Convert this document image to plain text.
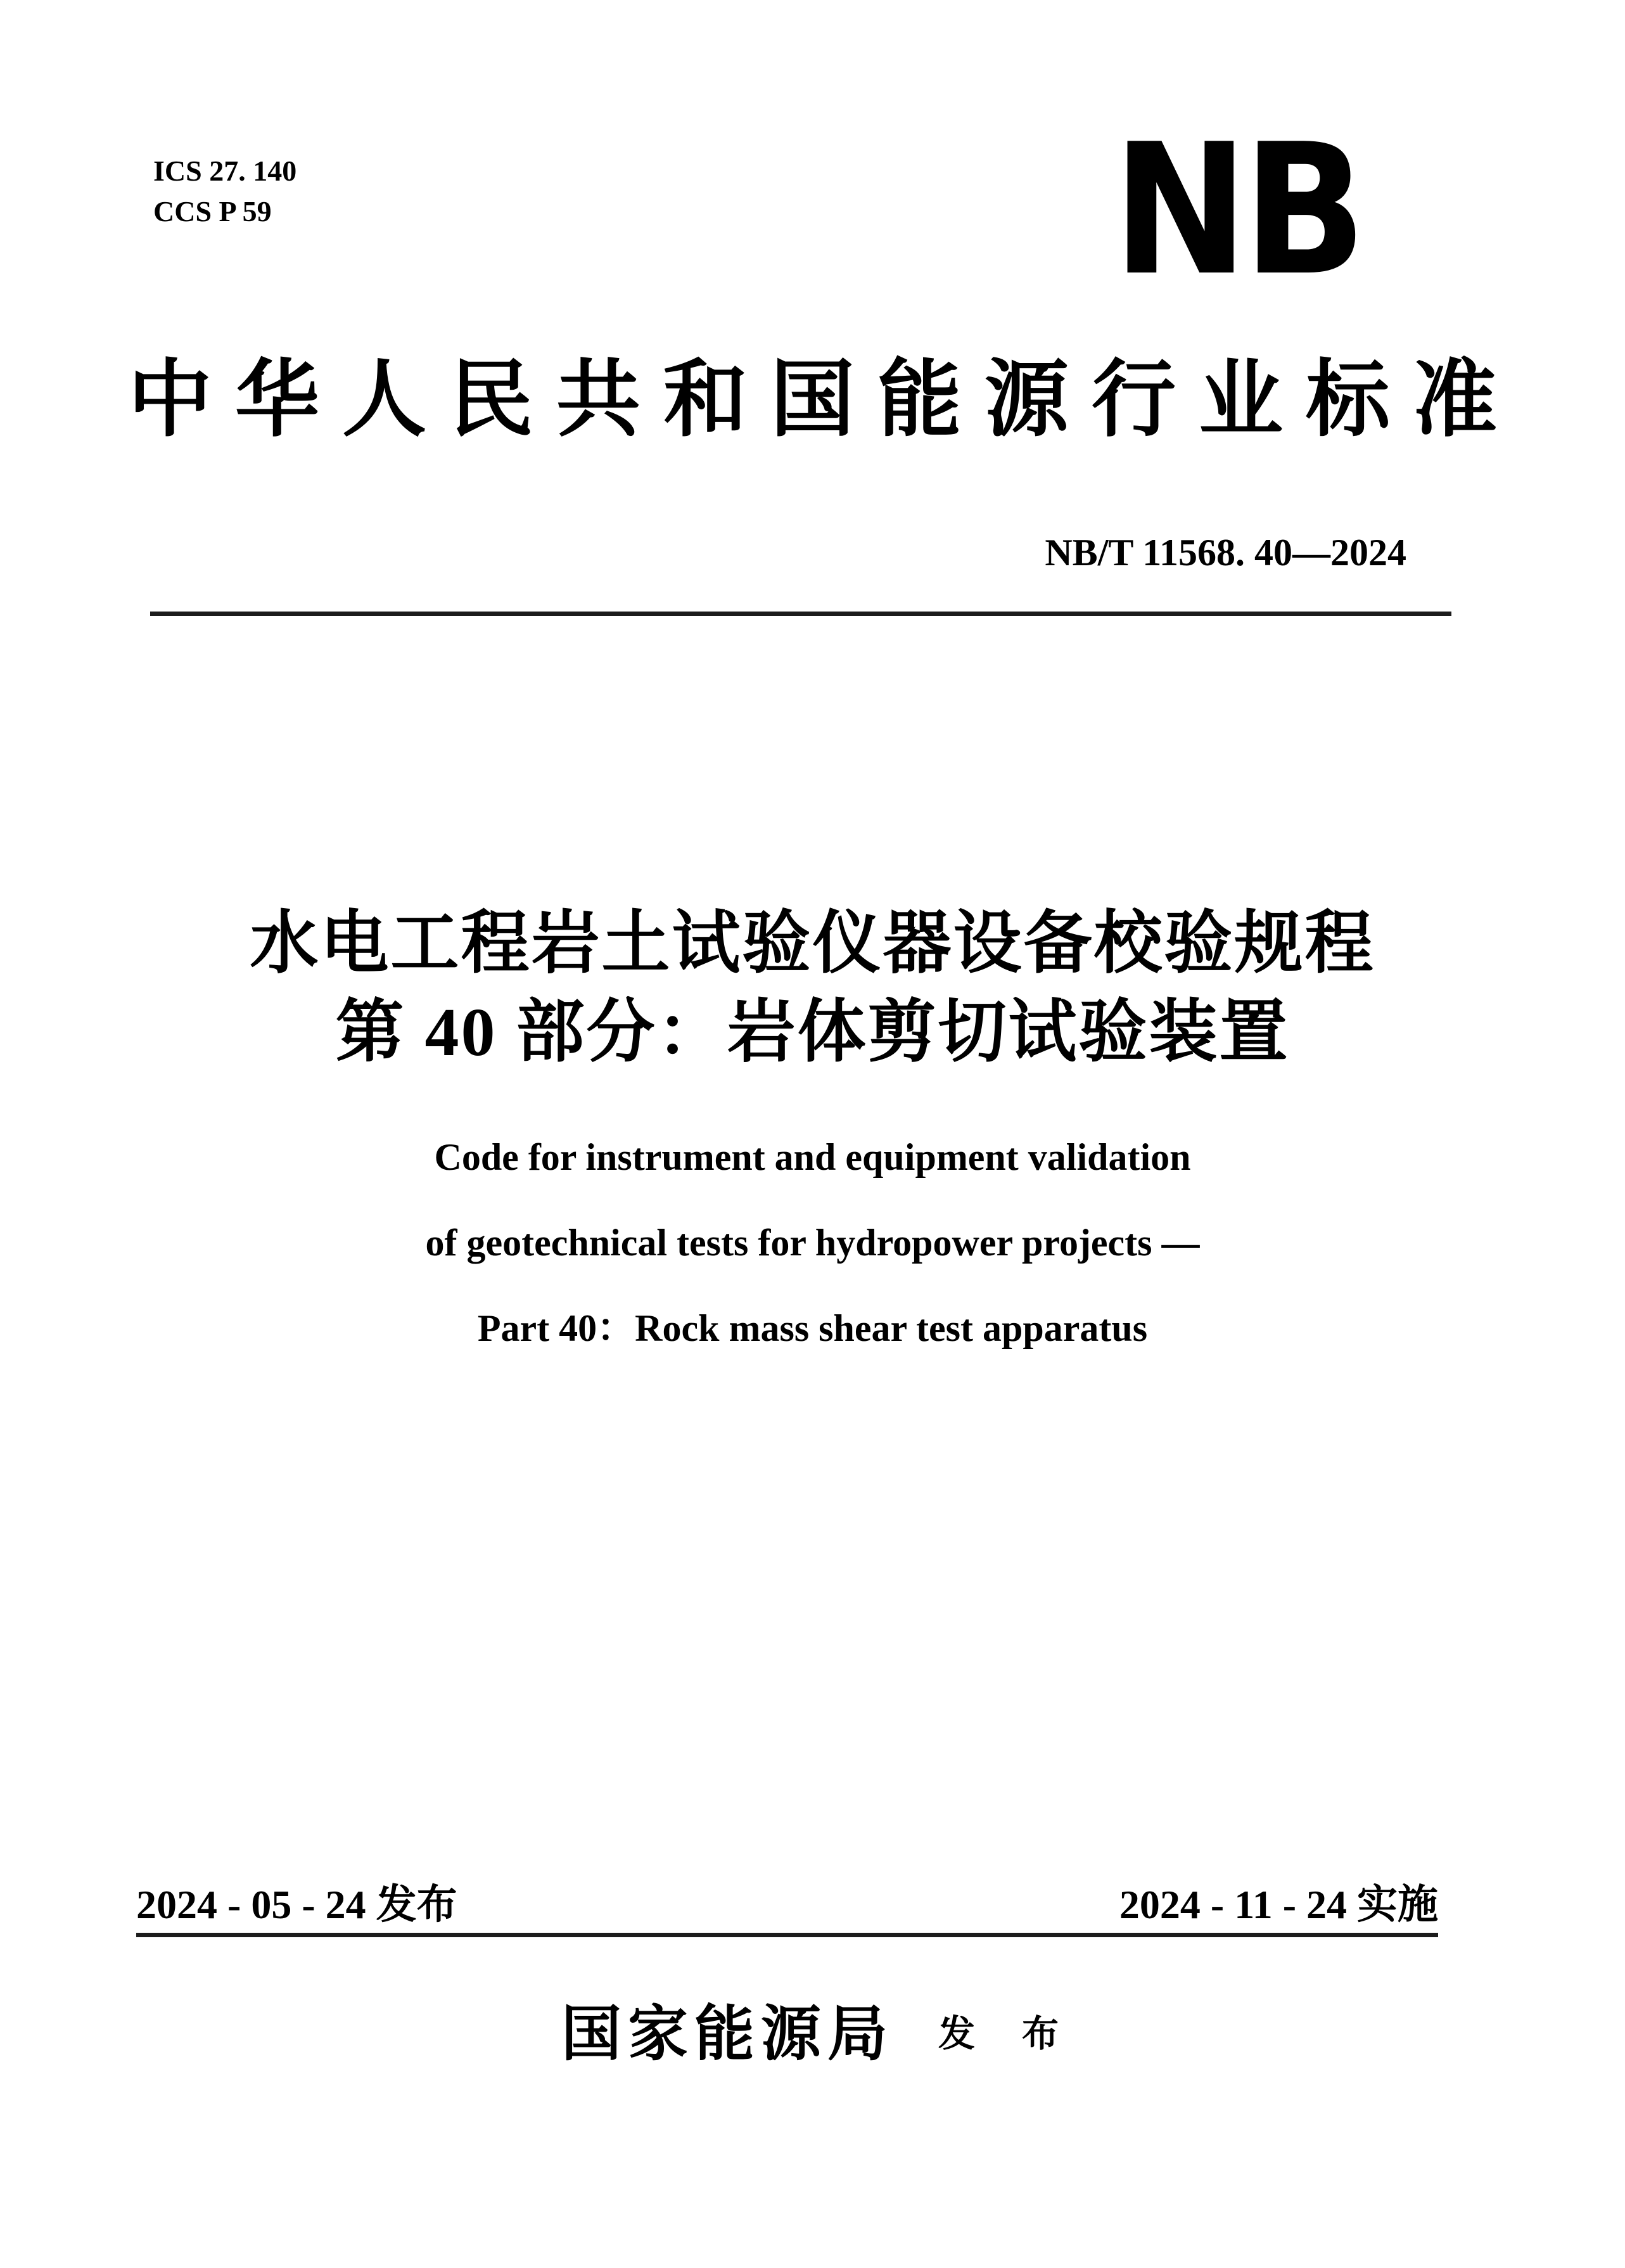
ICS 27. 140
CCS P 59	NB
中华人民共和国能源行业标准
NB/T 11568. 40—2024
水电工程岩土试验仪器设备校验规程
第 40 部分：岩体剪切试验装置
Code for instrument and equipment validation
of geotechnical tests for hydropower projects —
Part 40：Rock mass shear test apparatus
2024 - 05 - 24 发布	2024 - 11 - 24 实施
国家能源局 发　布
